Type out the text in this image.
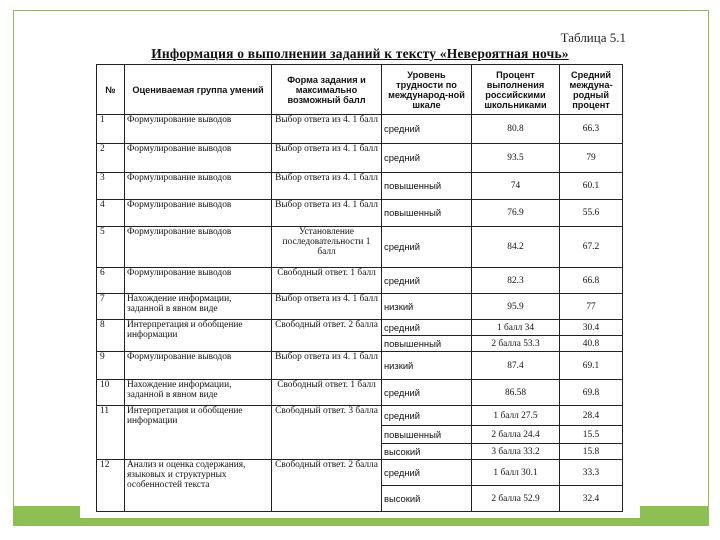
Таблица 5.1
Информация о выполнении заданий к тексту «Невероятная ночь»
№	Оцениваемая группа умений	Форма задания и максимально возможный балл	Уровень трудности по международ-ной шкале	Процент выполнения российскими школьниками	Средний междуна-родный процент
1	Формулирование выводов	Выбор ответа из 4. 1 балл	средний	80.8	66.3
2	Формулирование выводов	Выбор ответа из 4. 1 балл	средний	93.5	79
3	Формулирование выводов	Выбор ответа из 4. 1 балл	повышенный	74	60.1
4	Формулирование выводов	Выбор ответа из 4. 1 балл	повышенный	76.9	55.6
5	Формулирование выводов	Установление последовательности 1 балл	средний	84.2	67.2
6	Формулирование выводов	Свободный ответ. 1 балл	средний	82.3	66.8
7	Нахождение информации, заданной в явном виде	Выбор ответа из 4. 1 балл	низкий	95.9	77
8	Интерпретация и обобщение информации	Свободный ответ. 2 балла	средний	1 балл 34	30.4
			повышенный	2 балла 53.3	40.8
9	Формулирование выводов	Выбор ответа из 4. 1 балл	низкий	87.4	69.1
10	Нахождение информации, заданной в явном виде	Свободный ответ. 1 балл	средний	86.58	69.8
11	Интерпретация и обобщение информации	Свободный ответ. 3 балла	средний	1 балл 27.5	28.4
			повышенный	2 балла 24.4	15.5
			высокий	3 балла 33.2	15.8
12	Анализ и оценка содержания, языковых и структурных особенностей текста	Свободный ответ. 2 балла	средний	1 балл 30.1	33.3
			высокий	2 балла 52.9	32.4
